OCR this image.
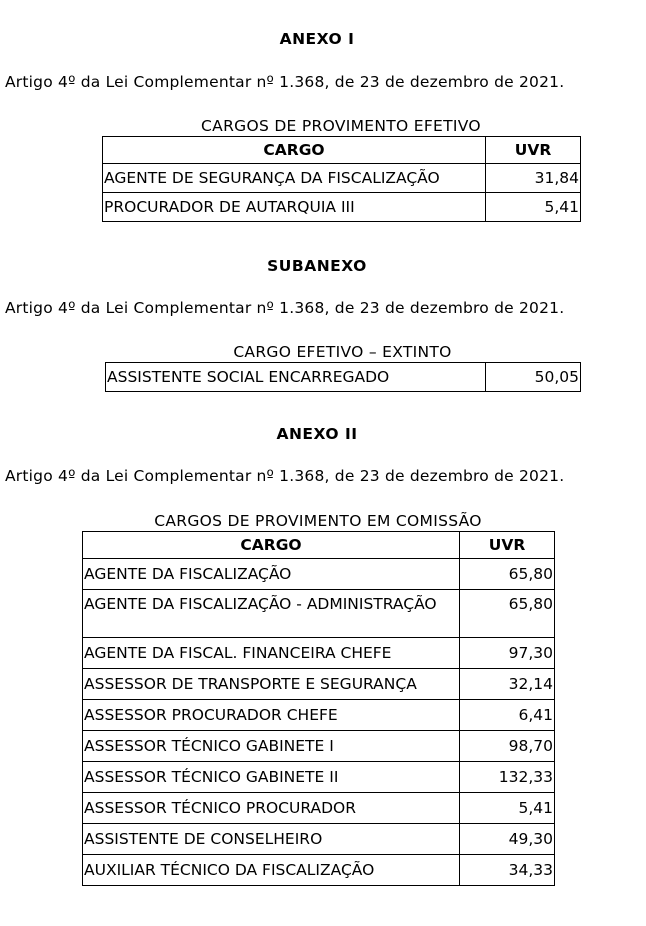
ANEXO I
Artigo 4º da Lei Complementar nº 1.368, de 23 de dezembro de 2021.
CARGOS DE PROVIMENTO EFETIVO
CARGO	UVR
AGENTE DE SEGURANÇA DA FISCALIZAÇÃO	31,84
PROCURADOR DE AUTARQUIA III	5,41
SUBANEXO
Artigo 4º da Lei Complementar nº 1.368, de 23 de dezembro de 2021.
CARGO EFETIVO – EXTINTO
ASSISTENTE SOCIAL ENCARREGADO	50,05
ANEXO II
Artigo 4º da Lei Complementar nº 1.368, de 23 de dezembro de 2021.
CARGOS DE PROVIMENTO EM COMISSÃO
CARGO	UVR
AGENTE DA FISCALIZAÇÃO	65,80
AGENTE DA FISCALIZAÇÃO - ADMINISTRAÇÃO	65,80
AGENTE DA FISCAL. FINANCEIRA CHEFE	97,30
ASSESSOR DE TRANSPORTE E SEGURANÇA	32,14
ASSESSOR PROCURADOR CHEFE	6,41
ASSESSOR TÉCNICO GABINETE I	98,70
ASSESSOR TÉCNICO GABINETE II	132,33
ASSESSOR TÉCNICO PROCURADOR	5,41
ASSISTENTE DE CONSELHEIRO	49,30
AUXILIAR TÉCNICO DA FISCALIZAÇÃO	34,33
